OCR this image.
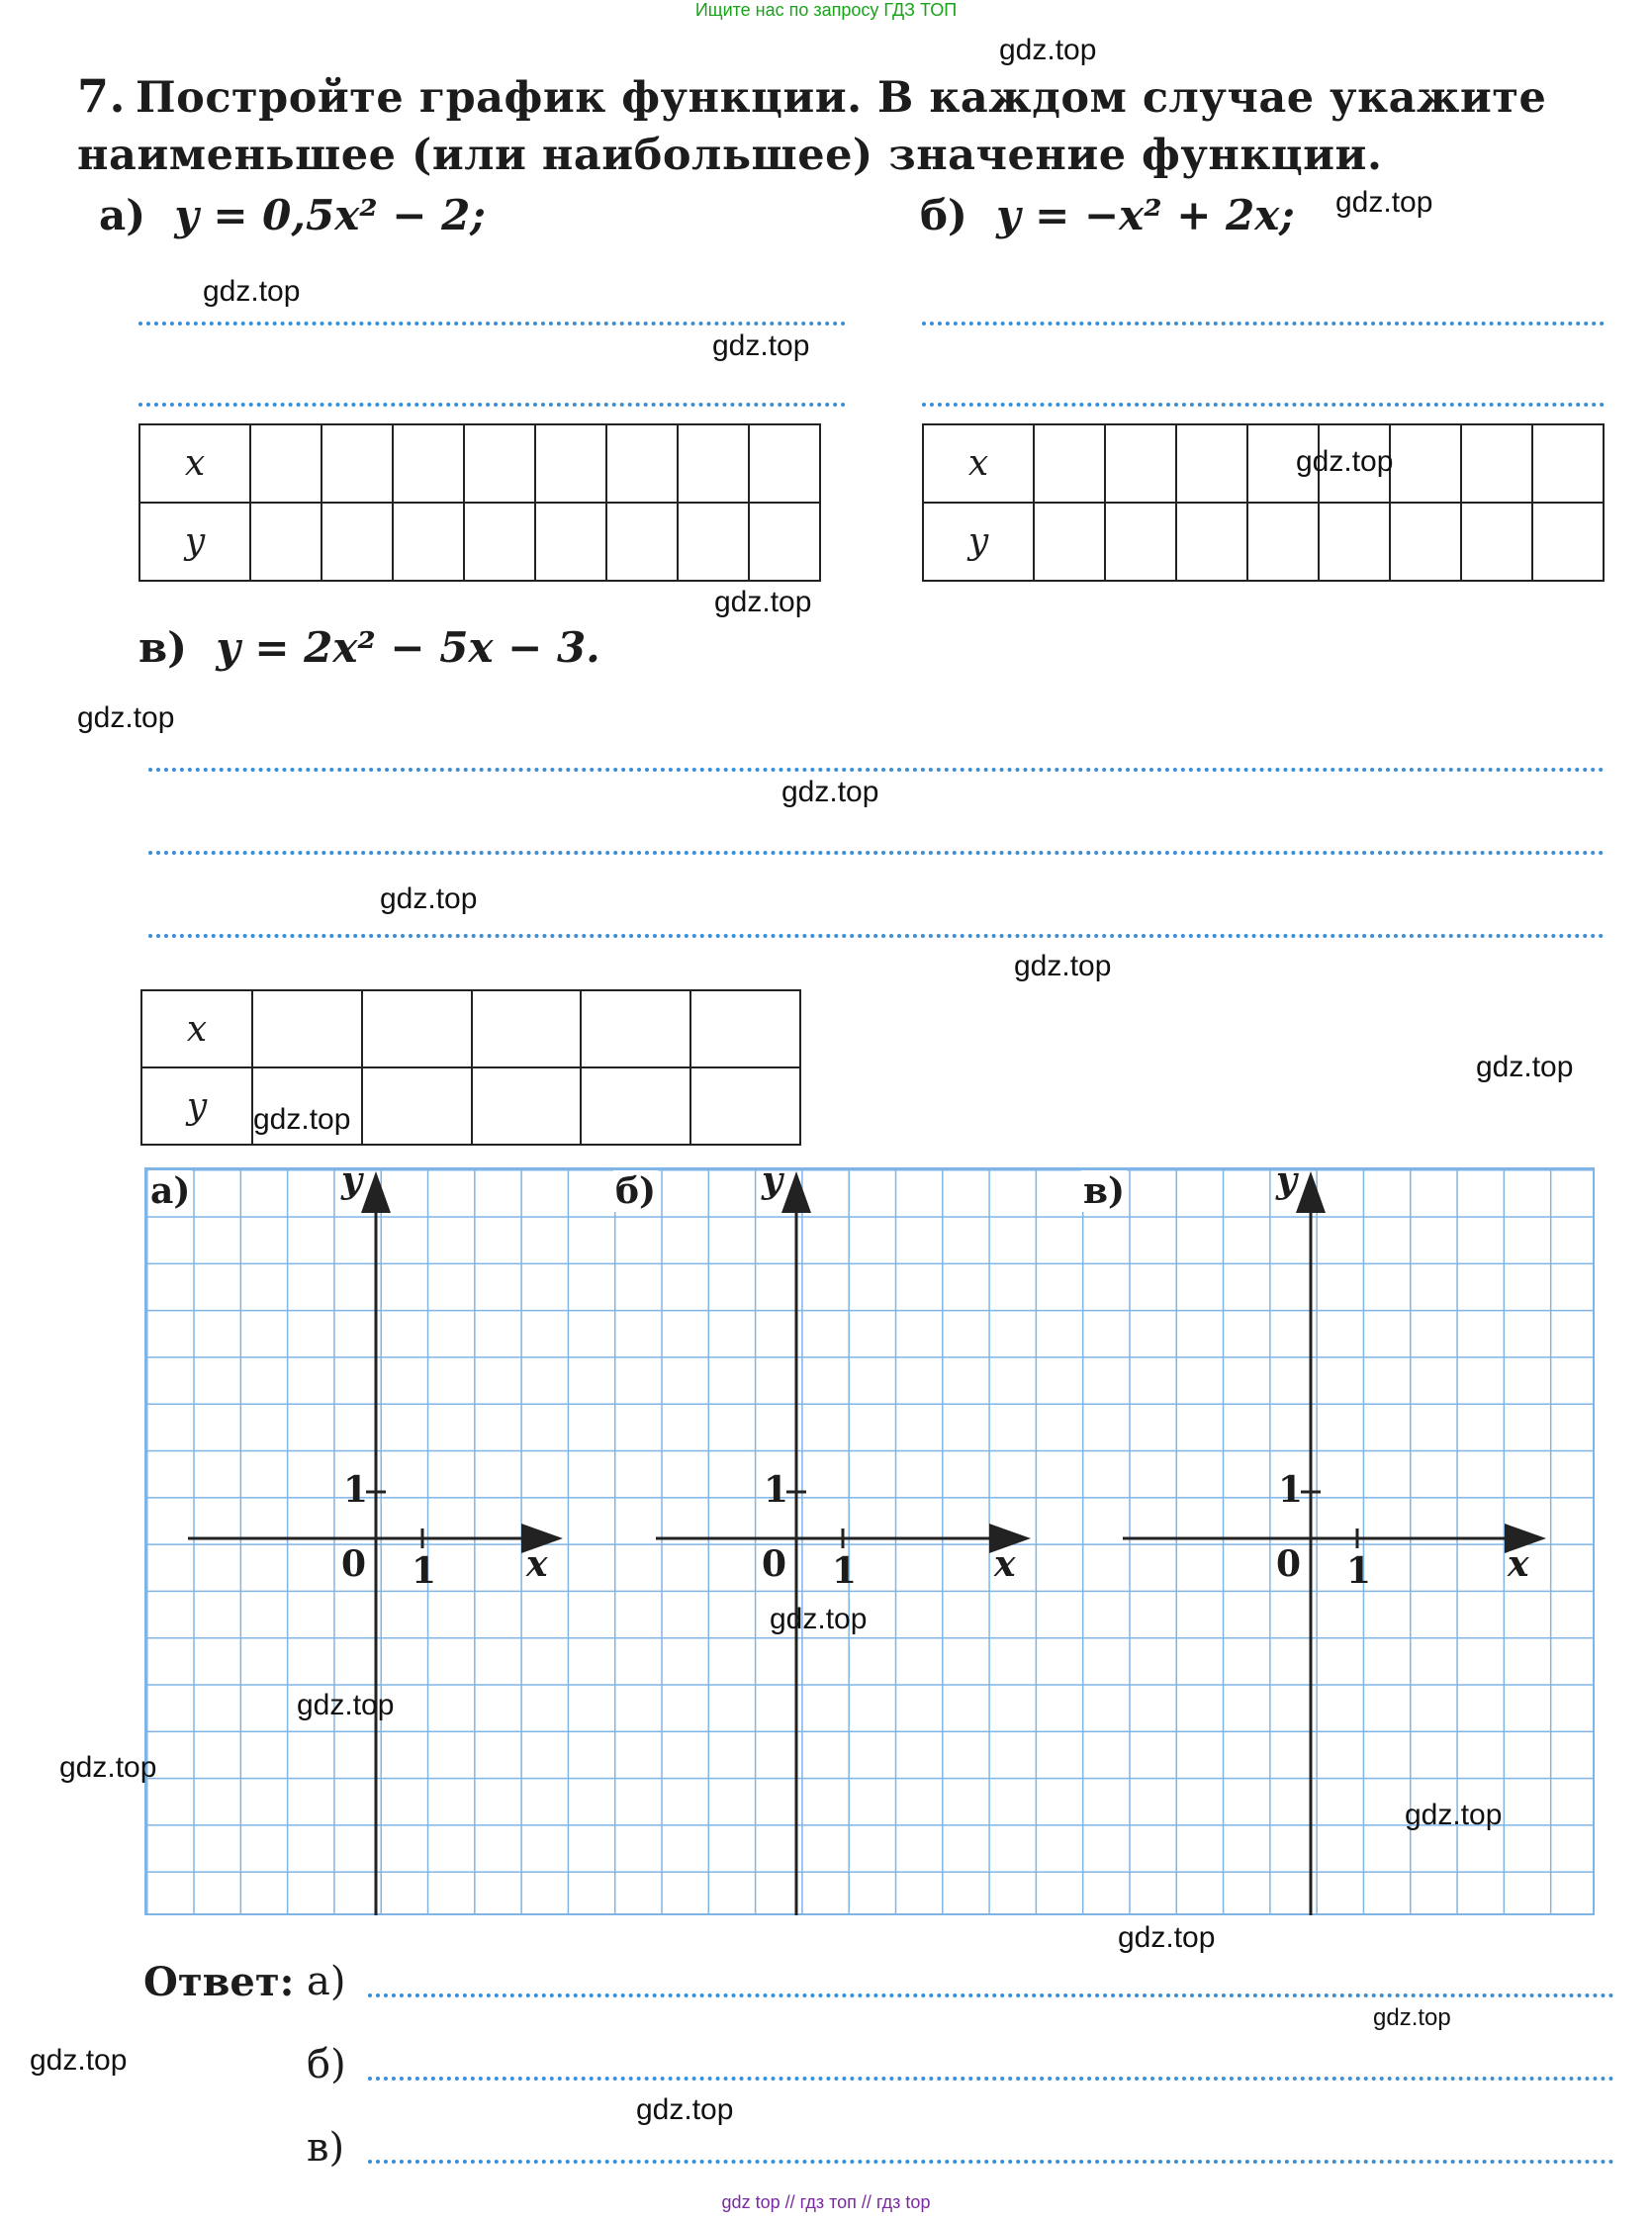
Ищите нас по запросу ГДЗ ТОП
7. Постройте график функции. В каждом случае укажите наименьшее (или наибольшее) значение функции.
а) y = 0,5x² − 2;	б) y = −x² + 2x;
x								
y								
x								
y								
в) y = 2x² − 5x − 3.
x					
y					
а)	б)	в)
y
x
0 1
1
y
x
0 1
1
y
x
0 1
1
Ответ: а)
б)
в)
gdz.top
gdz.top
gdz.top
gdz.top
gdz.top
gdz.top
gdz.top
gdz.top
gdz.top
gdz.top
gdz.top
gdz.top
gdz.top
gdz.top
gdz.top
gdz.top
gdz.top
gdz.top
gdz.top
gdz.top
gdz top // гдз топ // гдз top
